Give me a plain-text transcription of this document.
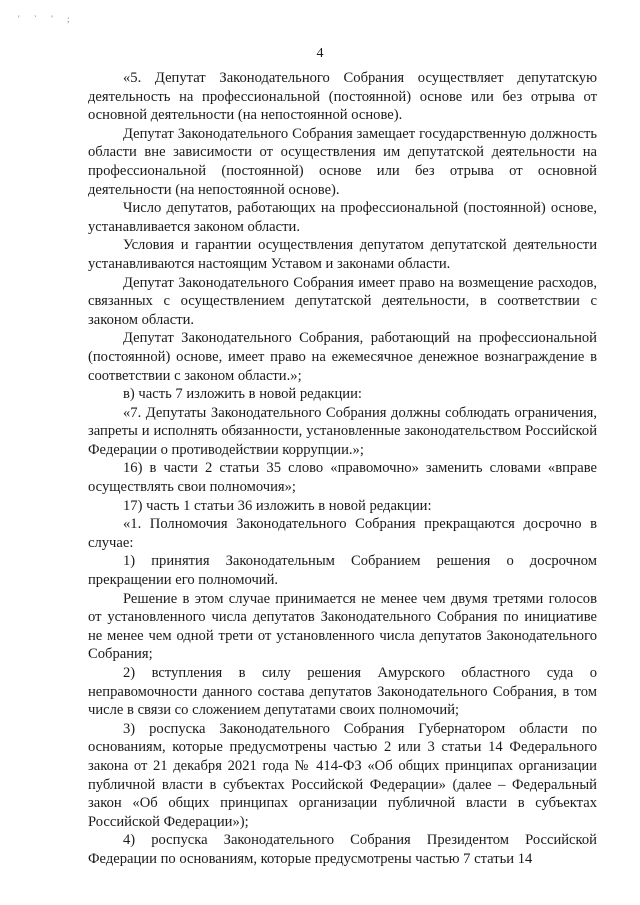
' ` ' ;
4

«5. Депутат Законодательного Собрания осуществляет депутатскую деятельность на профессиональной (постоянной) основе или без отрыва от основной деятельности (на непостоянной основе).

Депутат Законодательного Собрания замещает государственную должность области вне зависимости от осуществления им депутатской деятельности на профессиональной (постоянной) основе или без отрыва от основной деятельности (на непостоянной основе).

Число депутатов, работающих на профессиональной (постоянной) основе, устанавливается законом области.

Условия и гарантии осуществления депутатом депутатской деятельности устанавливаются настоящим Уставом и законами области.

Депутат Законодательного Собрания имеет право на возмещение расходов, связанных с осуществлением депутатской деятельности, в соответствии с законом области.

Депутат Законодательного Собрания, работающий на профессиональной (постоянной) основе, имеет право на ежемесячное денежное вознаграждение в соответствии с законом области.»;

в) часть 7 изложить в новой редакции:

«7. Депутаты Законодательного Собрания должны соблюдать ограничения, запреты и исполнять обязанности, установленные законодательством Российской Федерации о противодействии коррупции.»;

16) в части 2 статьи 35 слово «правомочно» заменить словами «вправе осуществлять свои полномочия»;

17) часть 1 статьи 36 изложить в новой редакции:

«1. Полномочия Законодательного Собрания прекращаются досрочно в случае:

1) принятия Законодательным Собранием решения о досрочном прекращении его полномочий.

Решение в этом случае принимается не менее чем двумя третями голосов от установленного числа депутатов Законодательного Собрания по инициативе не менее чем одной трети от установленного числа депутатов Законодательного Собрания;

2) вступления в силу решения Амурского областного суда о неправомочности данного состава депутатов Законодательного Собрания, в том числе в связи со сложением депутатами своих полномочий;

3) роспуска Законодательного Собрания Губернатором области по основаниям, которые предусмотрены частью 2 или 3 статьи 14 Федерального закона от 21 декабря 2021 года № 414-ФЗ «Об общих принципах организации публичной власти в субъектах Российской Федерации» (далее – Федеральный закон «Об общих принципах организации публичной власти в субъектах Российской Федерации»);

4) роспуска Законодательного Собрания Президентом Российской Федерации по основаниям, которые предусмотрены частью 7 статьи 14
